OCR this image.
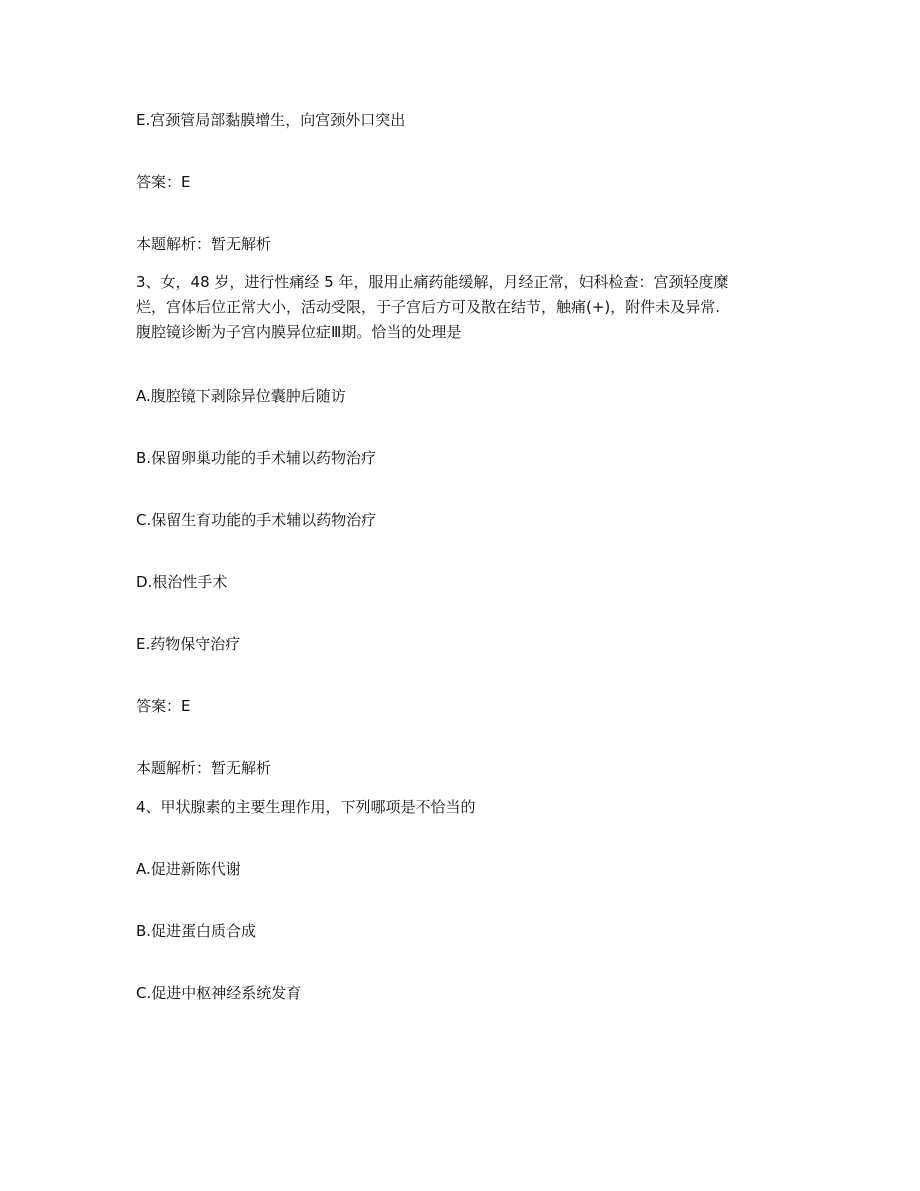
E.宫颈管局部黏膜增生，向宫颈外口突出
答案：E
本题解析：暂无解析
3、女，48 岁，进行性痛经 5 年，服用止痛药能缓解，月经正常，妇科检查：宫颈轻度糜
烂，宫体后位正常大小，活动受限，于子宫后方可及散在结节，触痛(+)，附件未及异常.
腹腔镜诊断为子宫内膜异位症Ⅲ期。恰当的处理是
A.腹腔镜下剥除异位囊肿后随访
B.保留卵巢功能的手术辅以药物治疗
C.保留生育功能的手术辅以药物治疗
D.根治性手术
E.药物保守治疗
答案：E
本题解析：暂无解析
4、甲状腺素的主要生理作用，下列哪项是不恰当的
A.促进新陈代谢
B.促进蛋白质合成
C.促进中枢神经系统发育
